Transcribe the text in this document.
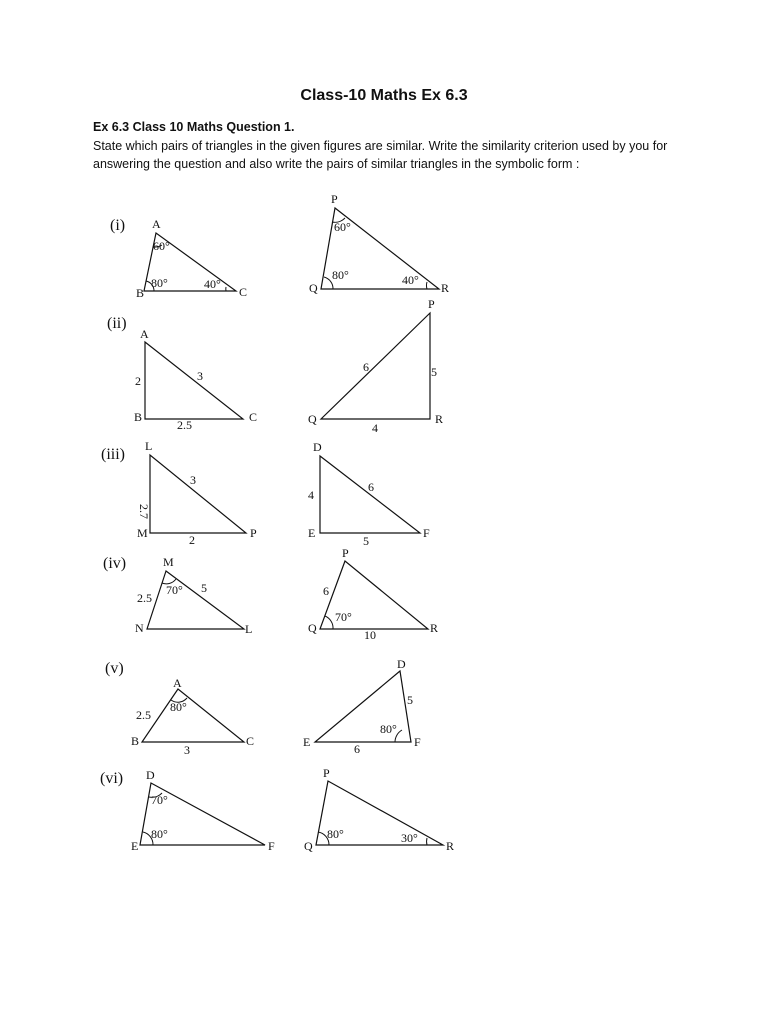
Class-10 Maths Ex 6.3
Ex 6.3 Class 10 Maths Question 1.
State which pairs of triangles in the given figures are similar. Write the similarity criterion used by you for answering the question and also write the pairs of similar triangles in the symbolic form :
(i) A
B	C
60°
80°	40°
P
Q	R
60°
80°	40°
(ii)
A
B	C
2	3
2.5
P
Q	R
6	5
4
(iii) L
M	P
2.7
3
2
D
E	F
4
6
5
(iv)	M
N	L
2.5
5
70°
P
Q	R
6
10
70°
(v)
A
B	C
2.5
3
80°
D
E	F
5
6
80°
(vi) D
E	F
70°
80°
P
Q	R
80°	30°
